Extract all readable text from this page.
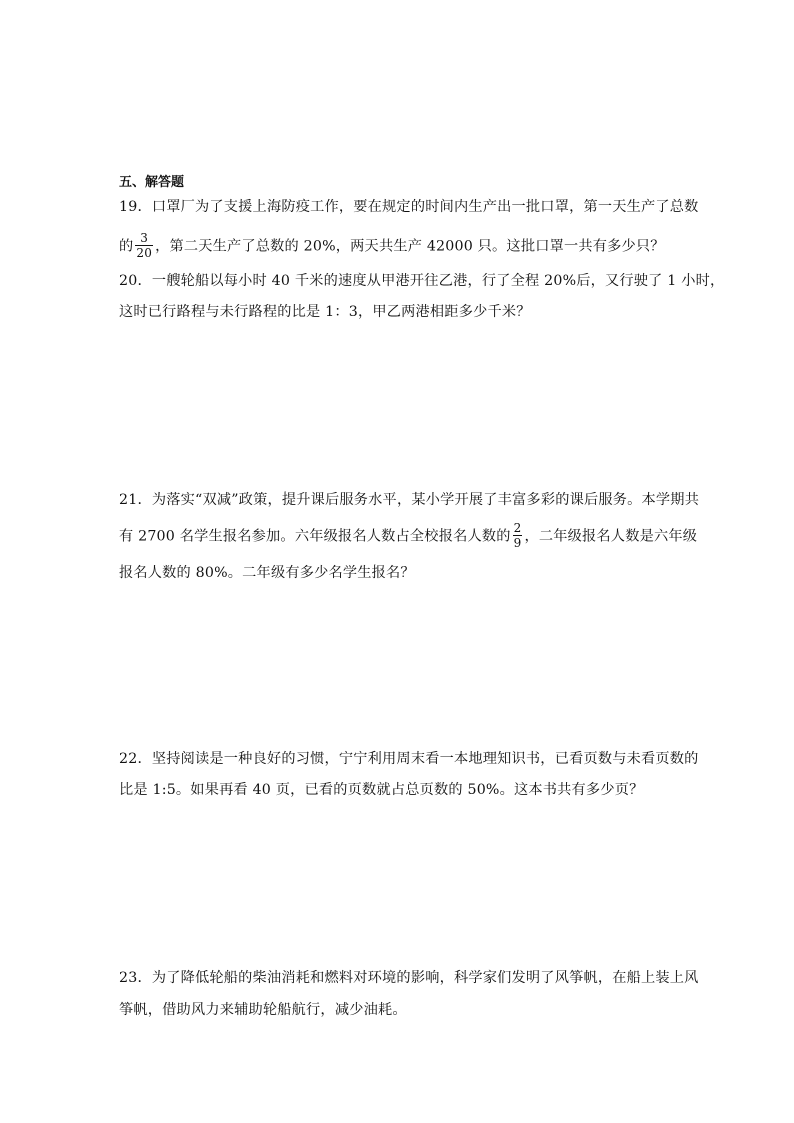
五、解答题
19．口罩厂为了支援上海防疫工作，要在规定的时间内生产出一批口罩，第一天生产了总数
的 $\frac{3}{20}$ ，第二天生产了总数的 20%，两天共生产 42000 只。这批口罩一共有多少只？
20．一艘轮船以每小时 40 千米的速度从甲港开往乙港，行了全程 20%后，又行驶了 1 小时，
这时已行路程与未行路程的比是 1：3，甲乙两港相距多少千米？
21．为落实“双减”政策，提升课后服务水平，某小学开展了丰富多彩的课后服务。本学期共
有 2700 名学生报名参加。六年级报名人数占全校报名人数的 $\frac{2}{9}$ ，二年级报名人数是六年级
报名人数的 80%。二年级有多少名学生报名？
22．坚持阅读是一种良好的习惯，宁宁利用周末看一本地理知识书，已看页数与未看页数的
比是 1:5。如果再看 40 页，已看的页数就占总页数的 50%。这本书共有多少页？
23．为了降低轮船的柴油消耗和燃料对环境的影响，科学家们发明了风筝帆，在船上装上风
筝帆，借助风力来辅助轮船航行，减少油耗。
